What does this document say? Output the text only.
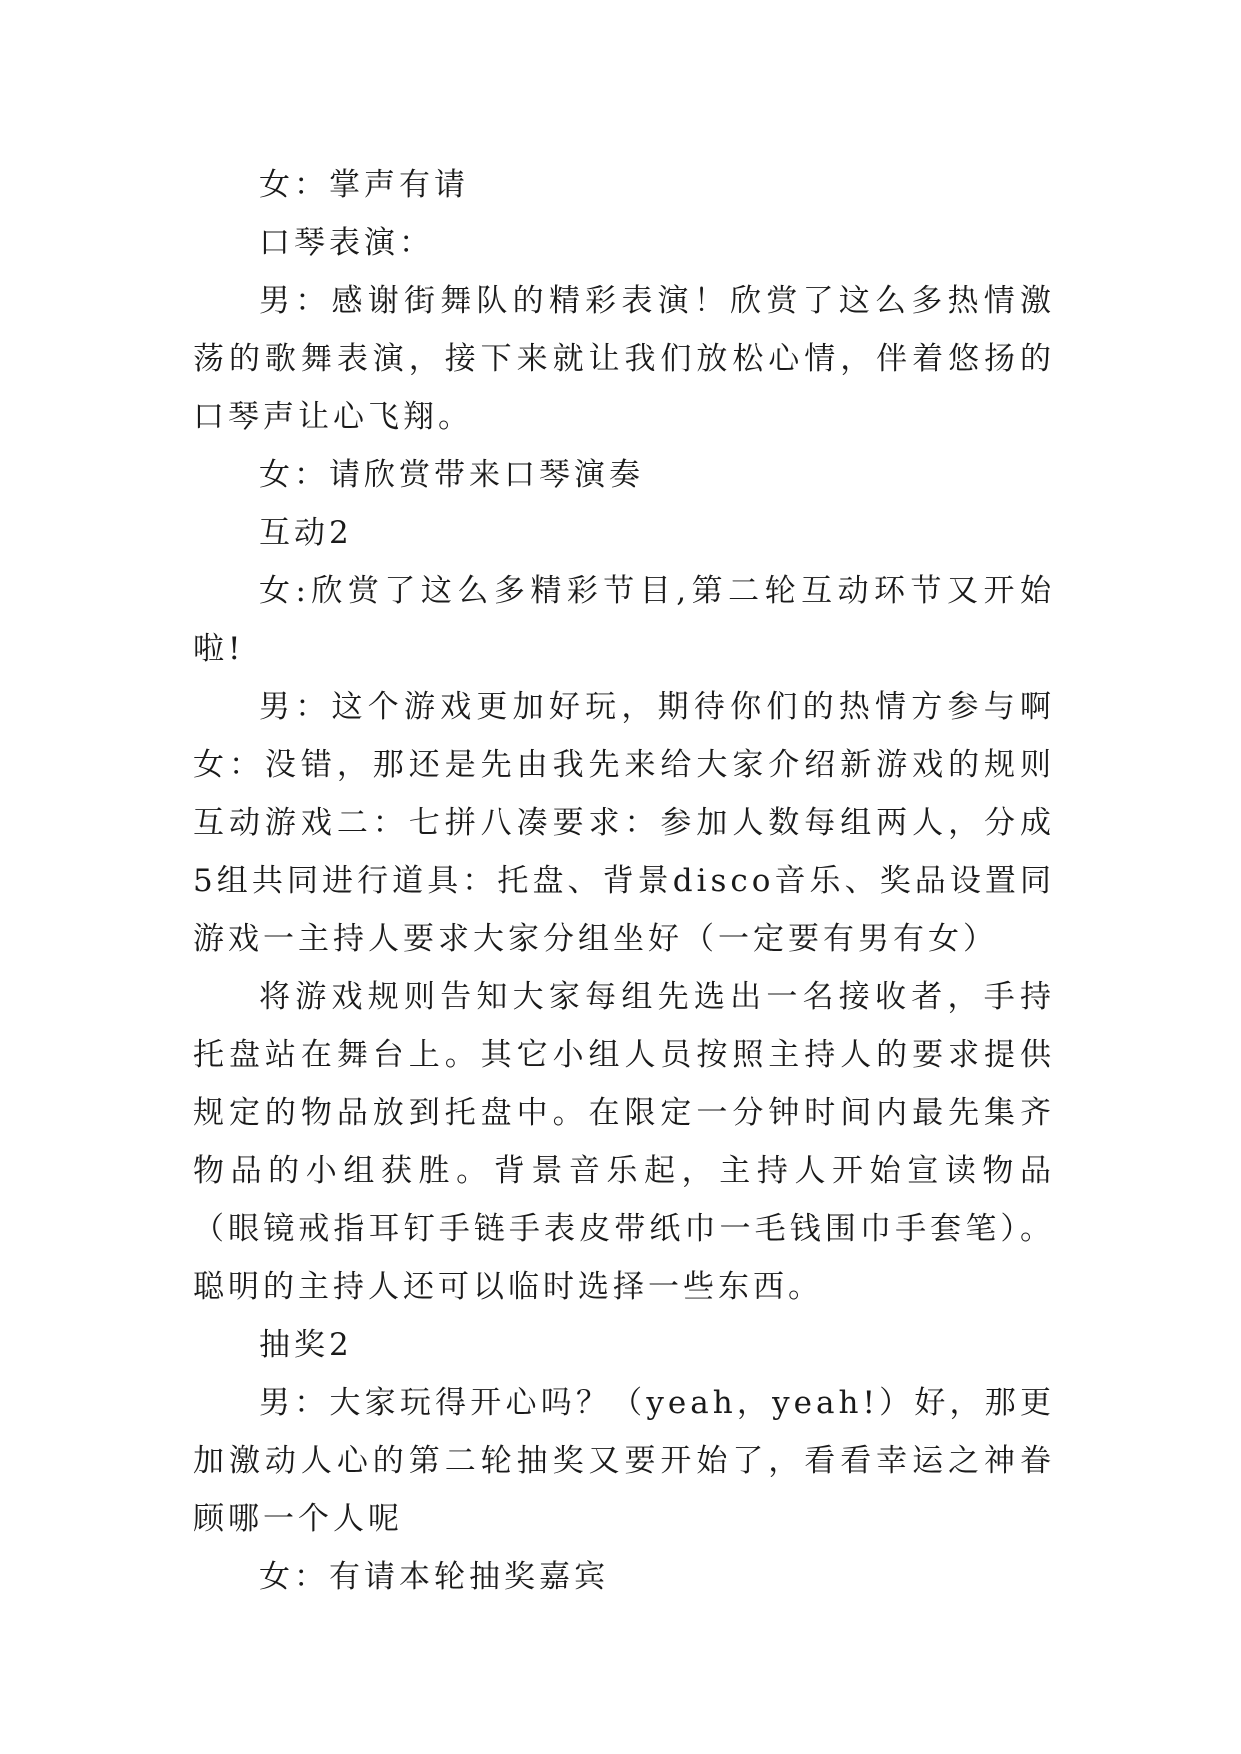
女：掌声有请

口琴表演：

男：感谢街舞队的精彩表演！欣赏了这么多热情激荡的歌舞表演，接下来就让我们放松心情，伴着悠扬的口琴声让心飞翔。

女：请欣赏带来口琴演奏

互动2

女:欣赏了这么多精彩节目,第二轮互动环节又开始啦!

男：这个游戏更加好玩，期待你们的热情方参与啊女：没错，那还是先由我先来给大家介绍新游戏的规则互动游戏二：七拼八凑要求：参加人数每组两人，分成5组共同进行道具：托盘、背景disco音乐、奖品设置同游戏一主持人要求大家分组坐好（一定要有男有女）

将游戏规则告知大家每组先选出一名接收者，手持托盘站在舞台上。其它小组人员按照主持人的要求提供规定的物品放到托盘中。在限定一分钟时间内最先集齐物品的小组获胜。背景音乐起，主持人开始宣读物品（眼镜戒指耳钉手链手表皮带纸巾一毛钱围巾手套笔）。聪明的主持人还可以临时选择一些东西。

抽奖2

男：大家玩得开心吗？（yeah，yeah!）好，那更加激动人心的第二轮抽奖又要开始了，看看幸运之神眷顾哪一个人呢

女：有请本轮抽奖嘉宾
